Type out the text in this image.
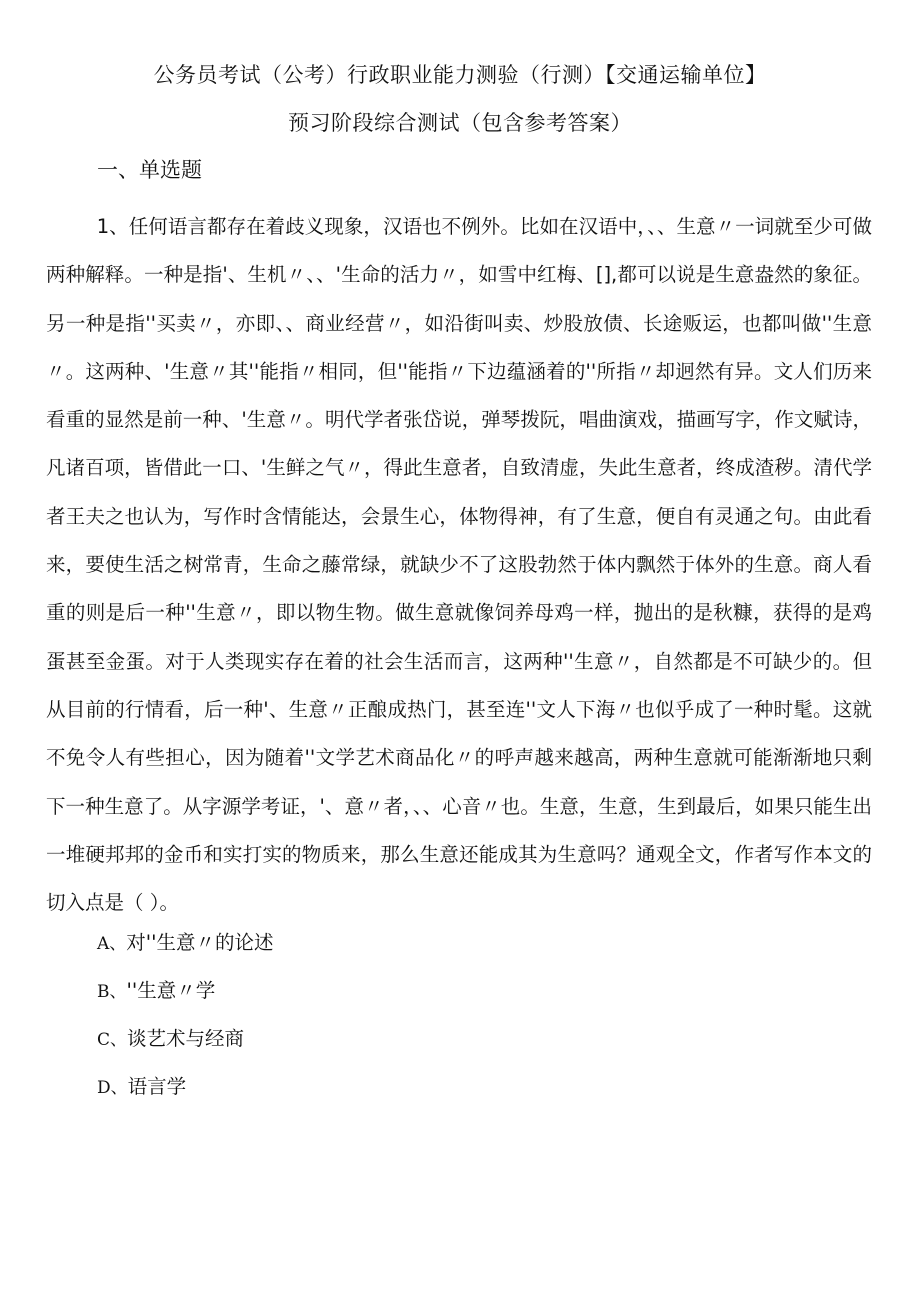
公务员考试（公考）行政职业能力测验（行测）【交通运输单位】
预习阶段综合测试（包含参考答案）
一、单选题

1、任何语言都存在着歧义现象，汉语也不例外。比如在汉语中，、、生意〃一词就至少可做两种解释。一种是指'、生机〃、、'生命的活力〃，如雪中红梅、[],都可以说是生意盎然的象征。另一种是指''买卖〃，亦即、、商业经营〃，如沿街叫卖、炒股放债、长途贩运，也都叫做''生意〃。这两种、'生意〃其''能指〃相同，但''能指〃下边蕴涵着的''所指〃却迥然有异。文人们历来看重的显然是前一种、'生意〃。明代学者张岱说，弹琴拨阮，唱曲演戏，描画写字，作文赋诗，凡诸百项，皆借此一口、'生鲜之气〃，得此生意者，自致清虚，失此生意者，终成渣秽。清代学者王夫之也认为，写作时含情能达，会景生心，体物得神，有了生意，便自有灵通之句。由此看来，要使生活之树常青，生命之藤常绿，就缺少不了这股勃然于体内飘然于体外的生意。商人看重的则是后一种''生意〃，即以物生物。做生意就像饲养母鸡一样，抛出的是秋糠，获得的是鸡蛋甚至金蛋。对于人类现实存在着的社会生活而言，这两种''生意〃，自然都是不可缺少的。但从目前的行情看，后一种'、生意〃正酿成热门，甚至连''文人下海〃也似乎成了一种时髦。这就不免令人有些担心，因为随着''文学艺术商品化〃的呼声越来越高，两种生意就可能渐渐地只剩下一种生意了。从字源学考证，'、意〃者，、、心音〃也。生意，生意，生到最后，如果只能生出一堆硬邦邦的金币和实打实的物质来，那么生意还能成其为生意吗？通观全文，作者写作本文的切入点是（ ）。

A、对''生意〃的论述
B、''生意〃学
C、谈艺术与经商
D、语言学
